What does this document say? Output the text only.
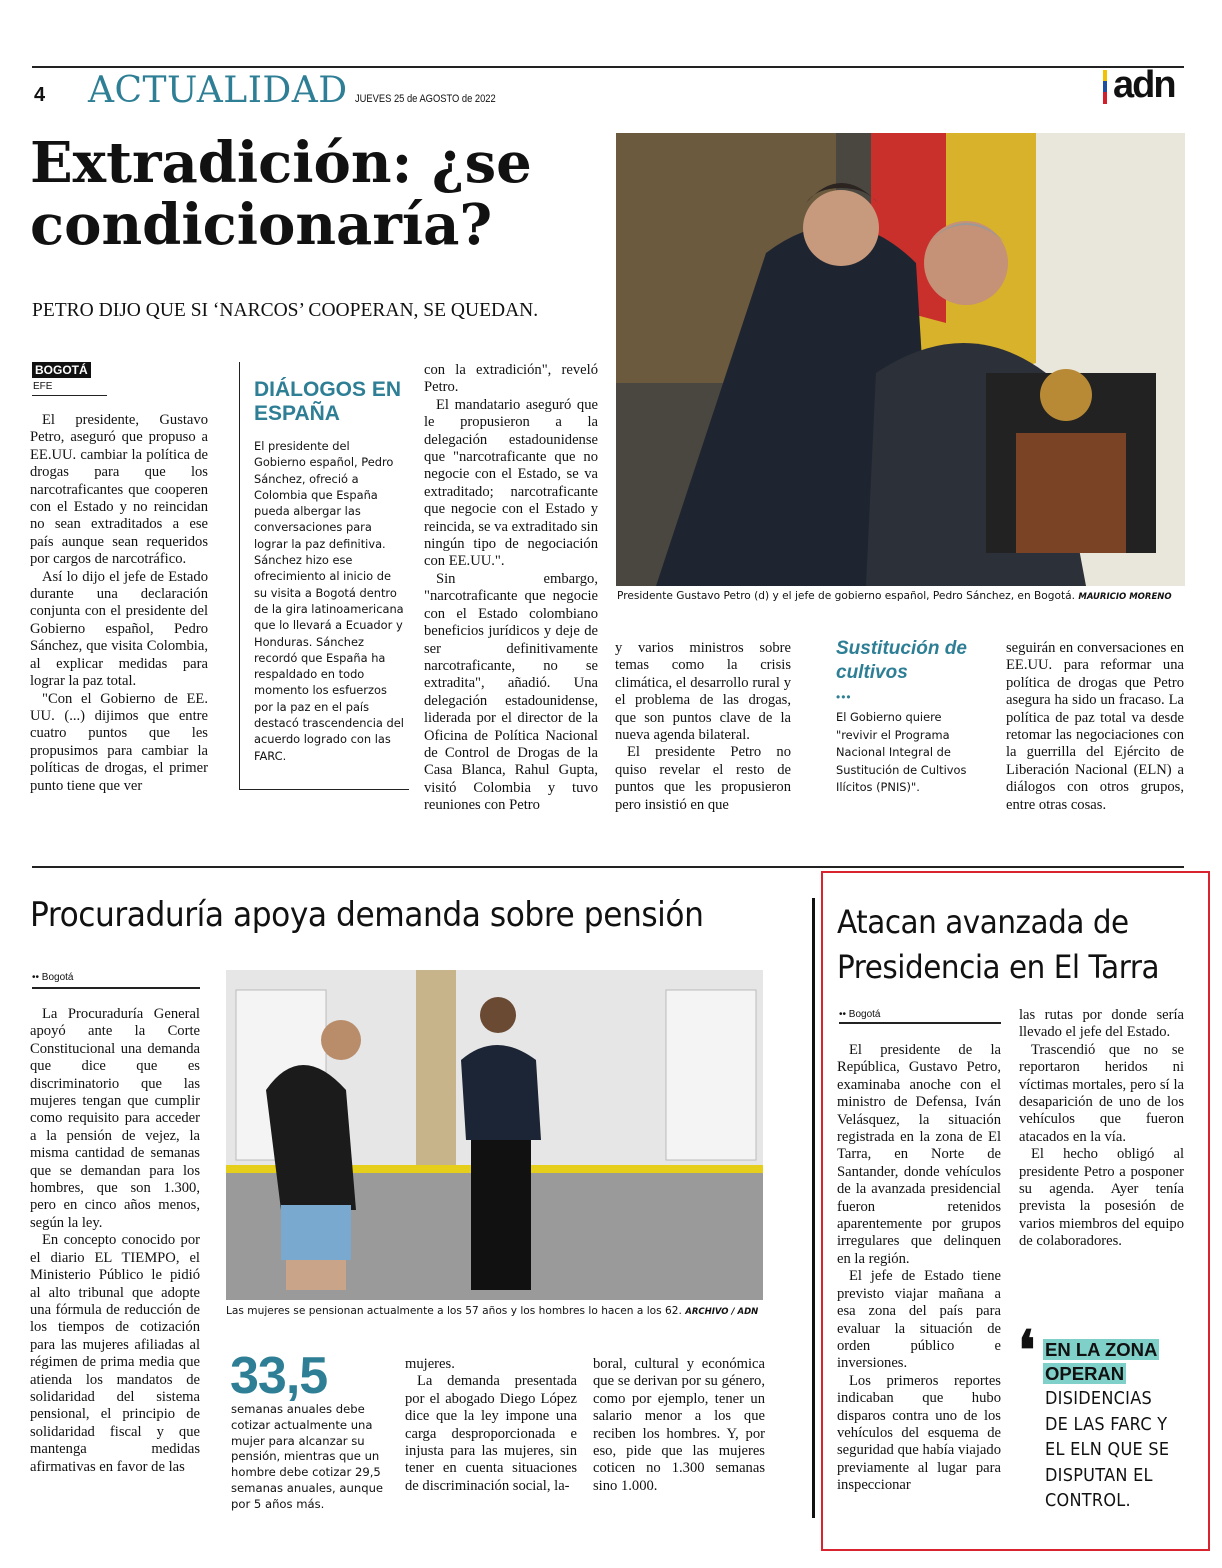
4 ACTUALIDAD JUEVES 25 de AGOSTO de 2022	adn
Extradición: ¿se condicionaría?
PETRO DIJO QUE SI ‘NARCOS’ COOPERAN, SE QUEDAN.
BOGOTÁ
EFE

El presidente, Gustavo Petro, aseguró que propuso a EE.UU. cambiar la política de drogas para que los narcotraficantes que cooperen con el Estado y no reincidan no sean extraditados a ese país aunque sean requeridos por cargos de narcotráfico.

Así lo dijo el jefe de Estado durante una declaración conjunta con el presidente del Gobierno español, Pedro Sánchez, que visita Colombia, al explicar medidas para lograr la paz total.

"Con el Gobierno de EE. UU. (...) dijimos que entre cuatro puntos que les propusimos para cambiar la políticas de drogas, el primer punto tiene que ver

DIÁLOGOS EN ESPAÑA
El presidente del Gobierno español, Pedro Sánchez, ofreció a Colombia que España pueda albergar las conversaciones para lograr la paz definitiva. Sánchez hizo ese ofrecimiento al inicio de su visita a Bogotá dentro de la gira latinoamericana que lo llevará a Ecuador y Honduras. Sánchez recordó que España ha respaldado en todo momento los esfuerzos por la paz en el país destacó trascendencia del acuerdo logrado con las FARC.

con la extradición", reveló Petro.

El mandatario aseguró que le propusieron a la delegación estadounidense que "narcotraficante que no negocie con el Estado, se va extraditado; narcotraficante que negocie con el Estado y reincida, se va extraditado sin ningún tipo de negociación con EE.UU.".

Sin embargo, "narcotraficante que negocie con el Estado colombiano beneficios jurídicos y deje de ser definitivamente narcotraficante, no se extradita", añadió. Una delegación estadounidense, liderada por el director de la Oficina de Política Nacional de Control de Drogas de la Casa Blanca, Rahul Gupta, visitó Colombia y tuvo reuniones con Petro

Presidente Gustavo Petro (d) y el jefe de gobierno español, Pedro Sánchez, en Bogotá. MAURICIO MORENO

y varios ministros sobre temas como la crisis climática, el desarrollo rural y el problema de las drogas, que son puntos clave de la nueva agenda bilateral.

El presidente Petro no quiso revelar el resto de puntos que les propusieron pero insistió en que

Sustitución de cultivos
•••
El Gobierno quiere "revivir el Programa Nacional Integral de Sustitución de Cultivos Ilícitos (PNIS)".

seguirán en conversaciones en EE.UU. para reformar una política de drogas que Petro asegura ha sido un fracaso. La política de paz total va desde retomar las negociaciones con la guerrilla del Ejército de Liberación Nacional (ELN) a diálogos con otros grupos, entre otras cosas.

Procuraduría apoya demanda sobre pensión
•• Bogotá

La Procuraduría General apoyó ante la Corte Constitucional una demanda que dice que es discriminatorio que las mujeres tengan que cumplir como requisito para acceder a la pensión de vejez, la misma cantidad de semanas que se demandan para los hombres, que son 1.300, pero en cinco años menos, según la ley.

En concepto conocido por el diario EL TIEMPO, el Ministerio Público le pidió al alto tribunal que adopte una fórmula de reducción de los tiempos de cotización para las mujeres afiliadas al régimen de prima media que atienda los mandatos de solidaridad del sistema pensional, el principio de solidaridad fiscal y que mantenga medidas afirmativas en favor de las

Las mujeres se pensionan actualmente a los 57 años y los hombres lo hacen a los 62. ARCHIVO / ADN
33,5
semanas anuales debe cotizar actualmente una mujer para alcanzar su pensión, mientras que un hombre debe cotizar 29,5 semanas anuales, aunque por 5 años más.

mujeres.

La demanda presentada por el abogado Diego López dice que la ley impone una carga desproporcionada e injusta para las mujeres, sin tener en cuenta situaciones de discriminación social, la-

boral, cultural y económica que se derivan por su género, como por ejemplo, tener un salario menor a los que reciben los hombres. Y, por eso, pide que las mujeres coticen no 1.300 semanas sino 1.000.

Atacan avanzada de Presidencia en El Tarra
•• Bogotá

El presidente de la República, Gustavo Petro, examinaba anoche con el ministro de Defensa, Iván Velásquez, la situación registrada en la zona de El Tarra, en Norte de Santander, donde vehículos de la avanzada presidencial fueron retenidos aparentemente por grupos irregulares que delinquen en la región.

El jefe de Estado tiene previsto viajar mañana a esa zona del país para evaluar la situación de orden público e inversiones.

Los primeros reportes indicaban que hubo disparos contra uno de los vehículos del esquema de seguridad que había viajado previamente al lugar para inspeccionar

las rutas por donde sería llevado el jefe del Estado.

Trascendió que no se reportaron heridos ni víctimas mortales, pero sí la desaparición de uno de los vehículos que fueron atacados en la vía.

El hecho obligó al presidente Petro a posponer su agenda. Ayer tenía prevista la posesión de varios miembros del equipo de colaboradores.

❛ EN LA ZONA OPERAN
DISIDENCIAS DE LAS FARC Y EL ELN QUE SE DISPUTAN EL CONTROL.
